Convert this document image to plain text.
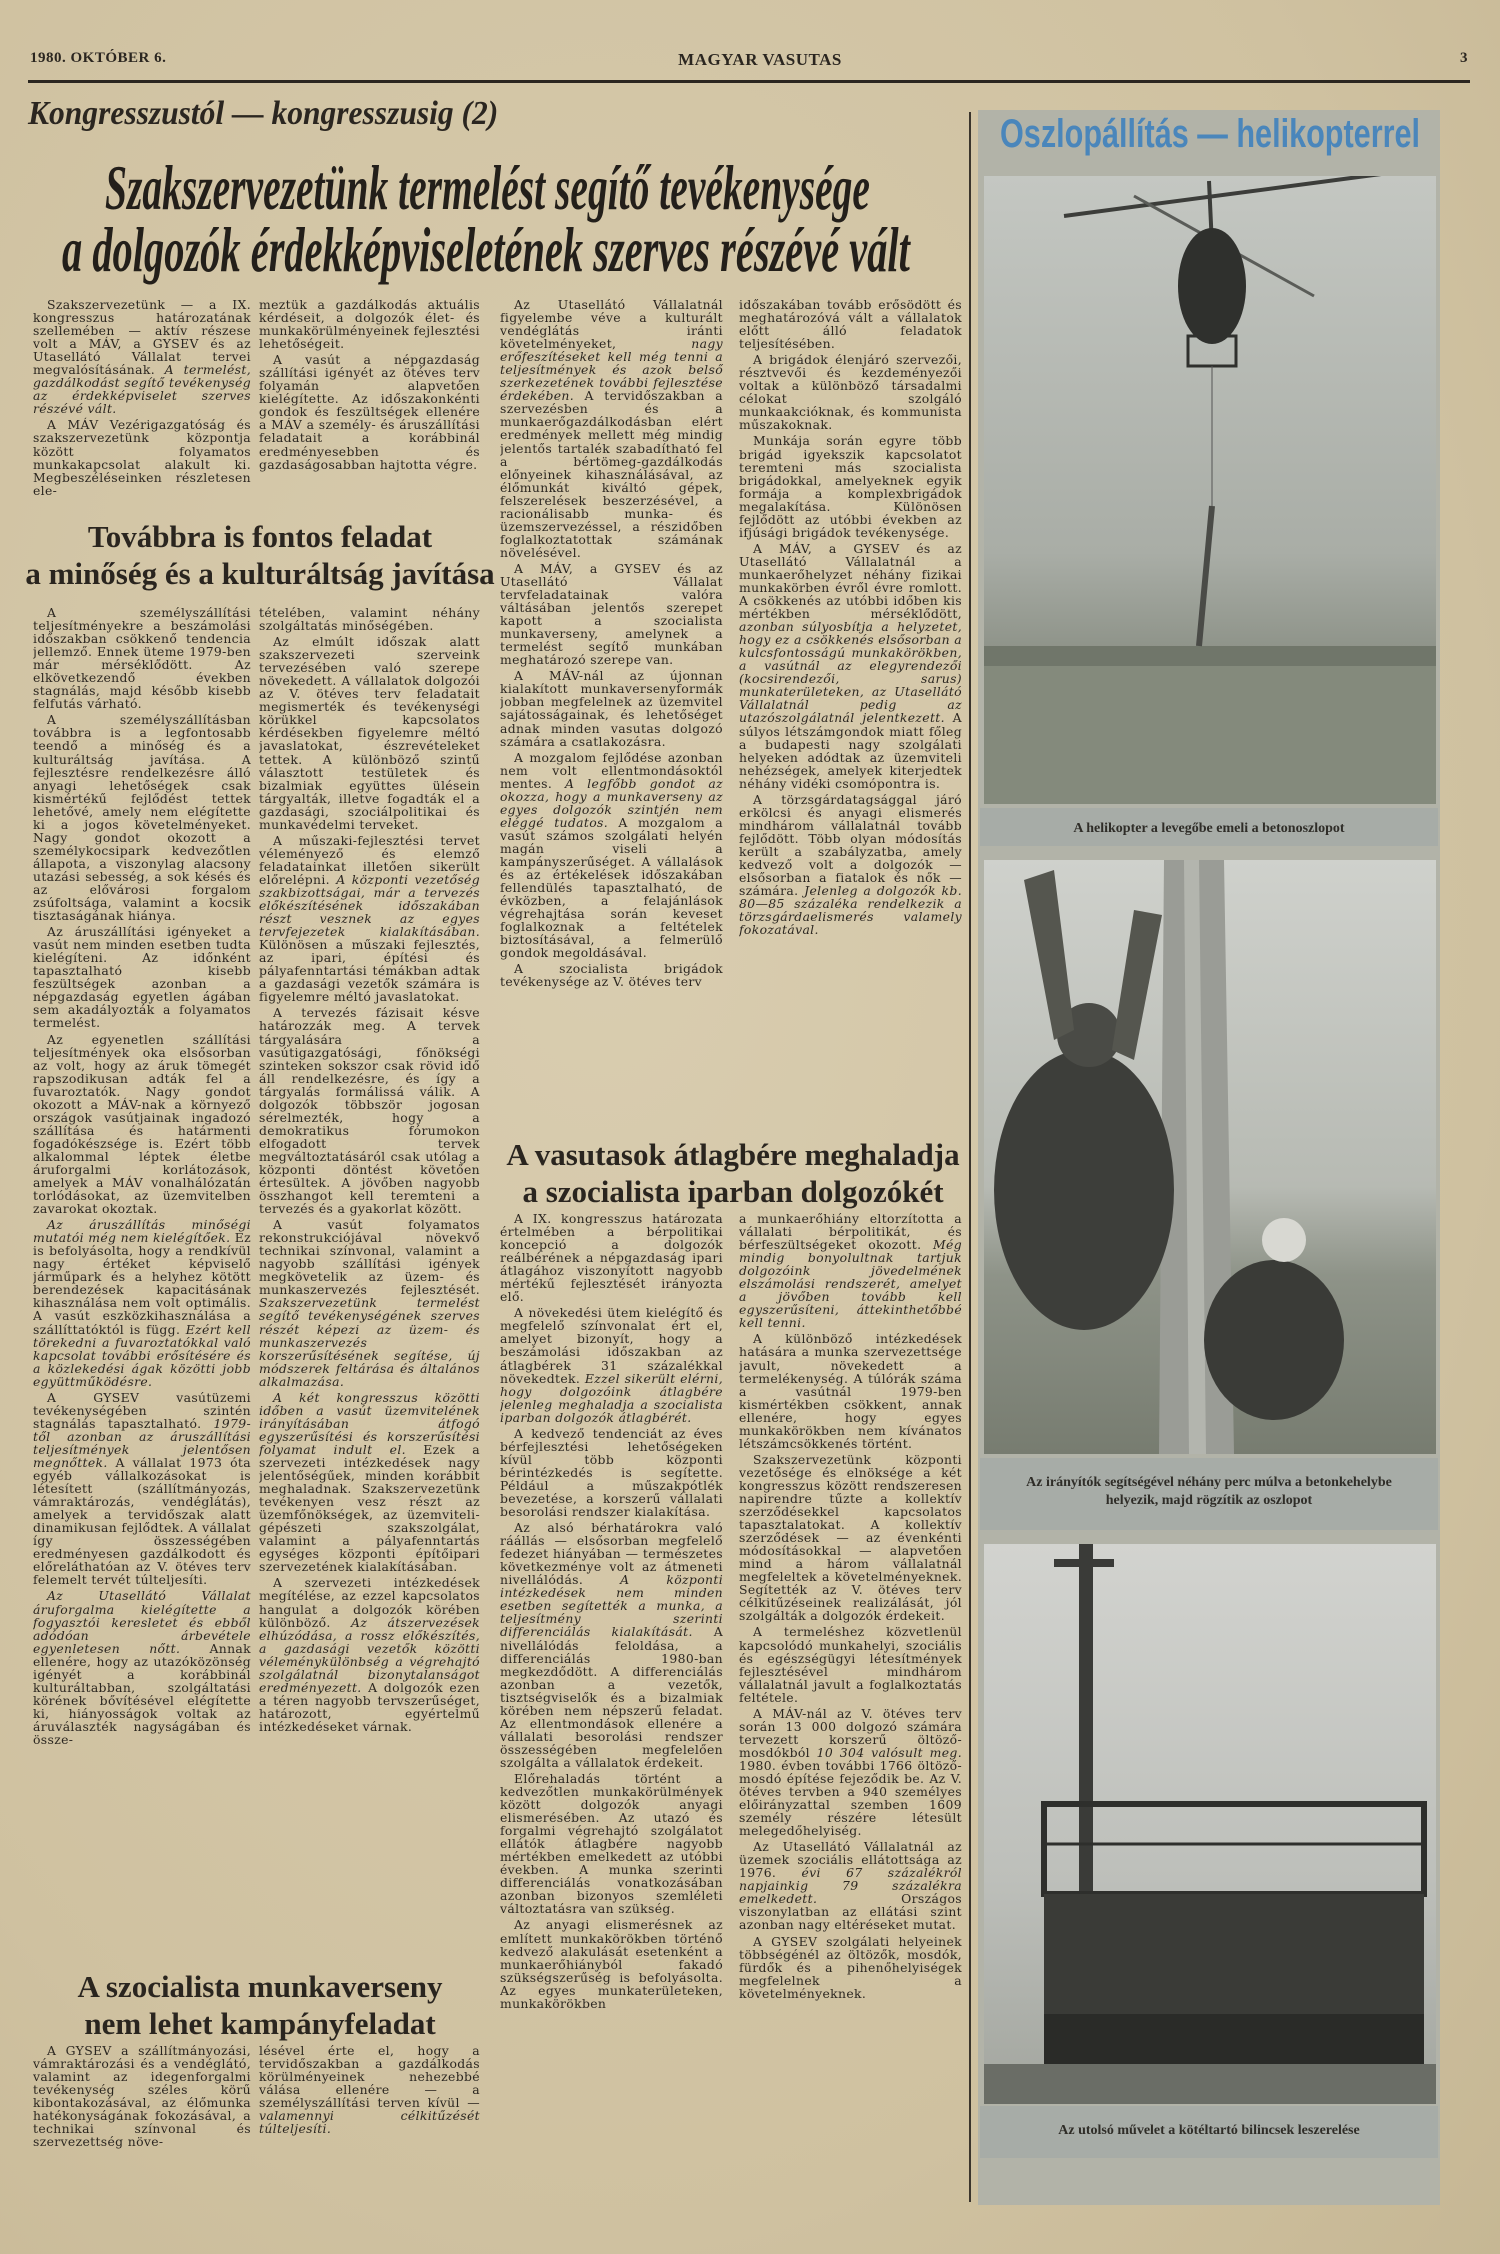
1980. OKTÓBER 6.	MAGYAR VASUTAS	3
Kongresszustól — kongresszusig (2)
Szakszervezetünk termelést segítő tevékenysége
a dolgozók érdekképviseletének szerves részévé vált

Szakszervezetünk — a IX. kongresszus határozatának szellemében — aktív részese volt a MÁV, a GYSEV és az Utasellátó Vállalat tervei megvalósításának. A termelést, gazdálkodást segítő tevékenység az érdekképviselet szerves részévé vált.

A MÁV Vezérigazgatóság és szakszervezetünk központja között folyamatos munkakapcsolat alakult ki. Megbeszéléseinken részletesen ele-

meztük a gazdálkodás aktuális kérdéseit, a dolgozók élet- és munkakörülményeinek fejlesztési lehetőségeit.

A vasút a népgazdaság szállítási igényét az ötéves terv folyamán alapvetően kielégítette. Az időszakonkénti gondok és feszültségek ellenére a MÁV a személy- és áruszállítási feladatait a korábbinál eredményesebben és gazdaságosabban hajtotta végre.

Továbbra is fontos feladat
a minőség és a kulturáltság javítása

A személyszállítási teljesítményekre a beszámolási időszakban csökkenő tendencia jellemző. Ennek üteme 1979-ben már mérséklődött. Az elkövetkezendő években stagnálás, majd később kisebb felfutás várható.

A személyszállításban továbbra is a legfontosabb teendő a minőség és a kulturáltság javítása. A fejlesztésre rendelkezésre álló anyagi lehetőségek csak kismértékű fejlődést tettek lehetővé, amely nem elégítette ki a jogos követelményeket. Nagy gondot okozott a személykocsipark kedvezőtlen állapota, a viszonylag alacsony utazási sebesség, a sok késés és az elővárosi forgalom zsúfoltsága, valamint a kocsik tisztaságának hiánya.

Az áruszállítási igényeket a vasút nem minden esetben tudta kielégíteni. Az időnként tapasztalható kisebb feszültségek azonban a népgazdaság egyetlen ágában sem akadályozták a folyamatos termelést.

Az egyenetlen szállítási teljesítmények oka elsősorban az volt, hogy az áruk tömegét rapszodikusan adták fel a fuvaroztatók. Nagy gondot okozott a MÁV-nak a környező országok vasútjainak ingadozó szállítása és határmenti fogadókészsége is. Ezért több alkalommal léptek életbe áruforgalmi korlátozások, amelyek a MÁV vonalhálózatán torlódásokat, az üzemvitelben zavarokat okoztak.

Az áruszállítás minőségi mutatói még nem kielégítőek. Ez is befolyásolta, hogy a rendkívül nagy értéket képviselő járműpark és a helyhez kötött berendezések kapacitásának kihasználása nem volt optimális. A vasút eszközkihasználása a szállíttatóktól is függ. Ezért kell törekedni a fuvaroztatókkal való kapcsolat további erősítésére és a közlekedési ágak közötti jobb együttműködésre.

A GYSEV vasútüzemi tevékenységében szintén stagnálás tapasztalható. 1979-től azonban az áruszállítási teljesítmények jelentősen megnőttek. A vállalat 1973 óta egyéb vállalkozásokat is létesített (szállítmányozás, vámraktározás, vendéglátás), amelyek a tervidőszak alatt dinamikusan fejlődtek. A vállalat így összességében eredményesen gazdálkodott és előreláthatóan az V. ötéves terv felemelt tervét túlteljesíti.

Az Utasellátó Vállalat áruforgalma kielégítette a fogyasztói keresletet és ebből adódóan árbevétele egyenletesen nőtt. Annak ellenére, hogy az utazóközönség igényét a korábbinál kulturáltabban, szolgáltatási körének bővítésével elégítette ki, hiányosságok voltak az áruválaszték nagyságában és össze-

tételében, valamint néhány szolgáltatás minőségében.

Az elmúlt időszak alatt szakszervezeti szerveink tervezésében való szerepe növekedett. A vállalatok dolgozói az V. ötéves terv feladatait megismerték és tevékenységi körükkel kapcsolatos kérdésekben figyelemre méltó javaslatokat, észrevételeket tettek. A különböző szintű választott testületek és bizalmiak együttes ülésein tárgyalták, illetve fogadták el a gazdasági, szociálpolitikai és munkavédelmi terveket.

A műszaki-fejlesztési tervet véleményező és elemző feladatainkat illetően sikerült előrelépni. A központi vezetőség szakbizottságai, már a tervezés előkészítésének időszakában részt vesznek az egyes tervfejezetek kialakításában. Különösen a műszaki fejlesztés, az ipari, építési és pályafenntartási témákban adtak a gazdasági vezetők számára is figyelemre méltó javaslatokat.

A tervezés fázisait késve határozzák meg. A tervek tárgyalására a vasútigazgatósági, főnökségi szinteken sokszor csak rövid idő áll rendelkezésre, és így a tárgyalás formálissá válik. A dolgozók többször jogosan sérelmezték, hogy a demokratikus fórumokon elfogadott tervek megváltoztatásáról csak utólag a központi döntést követően értesültek. A jövőben nagyobb összhangot kell teremteni a tervezés és a gyakorlat között.

A vasút folyamatos rekonstrukciójával növekvő technikai színvonal, valamint a nagyobb szállítási igények megkövetelik az üzem- és munkaszervezés fejlesztését. Szakszervezetünk termelést segítő tevékenységének szerves részét képezi az üzem- és munkaszervezés korszerűsítésének segítése, új módszerek feltárása és általános alkalmazása.

A két kongresszus közötti időben a vasút üzemvitelének irányításában átfogó egyszerűsítési és korszerűsítési folyamat indult el. Ezek a szervezeti intézkedések nagy jelentőségűek, minden korábbit meghaladnak. Szakszervezetünk tevékenyen vesz részt az üzemfőnökségek, az üzemviteli-gépészeti szakszolgálat, valamint a pályafenntartás egységes központi építőipari szervezetének kialakításában.

A szervezeti intézkedések megítélése, az ezzel kapcsolatos hangulat a dolgozók körében különböző. Az átszervezések elhúzódása, a rossz előkészítés, a gazdasági vezetők közötti véleménykülönbség a végrehajtó szolgálatnál bizonytalanságot eredményezett. A dolgozók ezen a téren nagyobb tervszerűséget, határozott, egyértelmű intézkedéseket várnak.

A szocialista munkaverseny
nem lehet kampányfeladat

A GYSEV a szállítmányozási, vámraktározási és a vendéglátó, valamint az idegenforgalmi tevékenység széles körű kibontakozásával, az élőmunka hatékonyságának fokozásával, a technikai színvonal és szervezettség növe-

lésével érte el, hogy a tervidőszakban a gazdálkodás körülményeinek nehezebbé válása ellenére — a személyszállítási terven kívül — valamennyi célkitűzését túlteljesíti.

Az Utasellátó Vállalatnál figyelembe véve a kulturált vendéglátás iránti követelményeket, nagy erőfeszítéseket kell még tenni a teljesítmények és azok belső szerkezetének további fejlesztése érdekében. A tervidőszakban a szervezésben és a munkaerőgazdálkodásban elért eredmények mellett még mindig jelentős tartalék szabadítható fel a bértömeg-gazdálkodás előnyeinek kihasználásával, az élőmunkát kiváltó gépek, felszerelések beszerzésével, a racionálisabb munka- és üzemszervezéssel, a részidőben foglalkoztatottak számának növelésével.

A MÁV, a GYSEV és az Utasellátó Vállalat tervfeladatainak valóra váltásában jelentős szerepet kapott a szocialista munkaverseny, amelynek a termelést segítő munkában meghatározó szerepe van.

A MÁV-nál az újonnan kialakított munkaversenyformák jobban megfelelnek az üzemvitel sajátosságainak, és lehetőséget adnak minden vasutas dolgozó számára a csatlakozásra.

A mozgalom fejlődése azonban nem volt ellentmondásoktól mentes. A legfőbb gondot az okozza, hogy a munkaverseny az egyes dolgozók szintjén nem eléggé tudatos. A mozgalom a vasút számos szolgálati helyén magán viseli a kampányszerűséget. A vállalások és az értékelések időszakában fellendülés tapasztalható, de évközben, a felajánlások végrehajtása során keveset foglalkoznak a feltételek biztosításával, a felmerülő gondok megoldásával.

A szocialista brigádok tevékenysége az V. ötéves terv

időszakában tovább erősödött és meghatározóvá vált a vállalatok előtt álló feladatok teljesítésében.

A brigádok élenjáró szervezői, résztvevői és kezdeményezői voltak a különböző társadalmi célokat szolgáló munkaakcióknak, és kommunista műszakoknak.

Munkája során egyre több brigád igyekszik kapcsolatot teremteni más szocialista brigádokkal, amelyeknek egyik formája a komplexbrigádok megalakítása. Különösen fejlődött az utóbbi években az ifjúsági brigádok tevékenysége.

A MÁV, a GYSEV és az Utasellátó Vállalatnál a munkaerőhelyzet néhány fizikai munkakörben évről évre romlott. A csökkenés az utóbbi időben kis mértékben mérséklődött, azonban súlyosbítja a helyzetet, hogy ez a csökkenés elsősorban a kulcsfontosságú munkakörökben, a vasútnál az elegyrendezői (kocsirendezői, sarus) munkaterületeken, az Utasellátó Vállalatnál pedig az utazószolgálatnál jelentkezett. A súlyos létszámgondok miatt főleg a budapesti nagy szolgálati helyeken adódtak az üzemviteli nehézségek, amelyek kiterjedtek néhány vidéki csomópontra is.

A törzsgárdatagsággal járó erkölcsi és anyagi elismerés mindhárom vállalatnál tovább fejlődött. Több olyan módosítás került a szabályzatba, amely kedvező volt a dolgozók — elsősorban a fiatalok és nők — számára. Jelenleg a dolgozók kb. 80—85 százaléka rendelkezik a törzsgárdaelismerés valamely fokozatával.

A vasutasok átlagbére meghaladja
a szocialista iparban dolgozókét

A IX. kongresszus határozata értelmében a bérpolitikai koncepció a dolgozók reálbérének a népgazdaság ipari átlagához viszonyított nagyobb mértékű fejlesztését irányozta elő.

A növekedési ütem kielégítő és megfelelő színvonalat ért el, amelyet bizonyít, hogy a beszámolási időszakban az átlagbérek 31 százalékkal növekedtek. Ezzel sikerült elérni, hogy dolgozóink átlagbére jelenleg meghaladja a szocialista iparban dolgozók átlagbérét.

A kedvező tendenciát az éves bérfejlesztési lehetőségeken kívül több központi bérintézkedés is segítette. Például a műszakpótlék bevezetése, a korszerű vállalati besorolási rendszer kialakítása.

Az alsó bérhatárokra való ráállás — elsősorban megfelelő fedezet hiányában — természetes következménye volt az átmeneti nivellálódás. A központi intézkedések nem minden esetben segítették a munka, a teljesítmény szerinti differenciálás kialakítását. A nivellálódás feloldása, a differenciálás 1980-ban megkezdődött. A differenciálás azonban a vezetők, tisztségviselők és a bizalmiak körében nem népszerű feladat. Az ellentmondások ellenére a vállalati besorolási rendszer összességében megfelelően szolgálta a vállalatok érdekeit.

Előrehaladás történt a kedvezőtlen munkakörülmények között dolgozók anyagi elismerésében. Az utazó és forgalmi végrehajtó szolgálatot ellátók átlagbére nagyobb mértékben emelkedett az utóbbi években. A munka szerinti differenciálás vonatkozásában azonban bizonyos szemléleti változtatásra van szükség.

Az anyagi elismerésnek az említett munkakörökben történő kedvező alakulását esetenként a munkaerőhiányból fakadó szükségszerűség is befolyásolta. Az egyes munkaterületeken, munkakörökben

a munkaerőhiány eltorzította a vállalati bérpolitikát, és bérfeszültségeket okozott. Még mindig bonyolultnak tartjuk dolgozóink jövedelmének elszámolási rendszerét, amelyet a jövőben tovább kell egyszerűsíteni, áttekinthetőbbé kell tenni.

A különböző intézkedések hatására a munka szervezettsége javult, növekedett a termelékenység. A túlórák száma a vasútnál 1979-ben kismértékben csökkent, annak ellenére, hogy egyes munkakörökben nem kívánatos létszámcsökkenés történt.

Szakszervezetünk központi vezetősége és elnöksége a két kongresszus között rendszeresen napirendre tűzte a kollektív szerződésekkel kapcsolatos tapasztalatokat. A kollektív szerződések — az évenkénti módosításokkal — alapvetően mind a három vállalatnál megfeleltek a követelményeknek. Segítették az V. ötéves terv célkitűzéseinek realizálását, jól szolgálták a dolgozók érdekeit.

A termeléshez közvetlenül kapcsolódó munkahelyi, szociális és egészségügyi létesítmények fejlesztésével mindhárom vállalatnál javult a foglalkoztatás feltétele.

A MÁV-nál az V. ötéves terv során 13 000 dolgozó számára tervezett korszerű öltöző-mosdókból 10 304 valósult meg. 1980. évben további 1766 öltöző-mosdó építése fejeződik be. Az V. ötéves tervben a 940 személyes előirányzattal szemben 1609 személy részére létesült melegedőhelyiség.

Az Utasellátó Vállalatnál az üzemek szociális ellátottsága az 1976. évi 67 százalékról napjainkig 79 százalékra emelkedett. Országos viszonylatban az ellátási szint azonban nagy eltéréseket mutat.

A GYSEV szolgálati helyeinek többségénél az öltözők, mosdók, fürdők és a pihenőhelyiségek megfelelnek a követelményeknek.

Oszlopállítás — helikopterrel
A helikopter a levegőbe emeli a betonoszlopot
Az irányítók segítségével néhány perc múlva a betonkehelybe helyezik, majd rögzítik az oszlopot
Az utolsó művelet a kötéltartó bilincsek leszerelése
